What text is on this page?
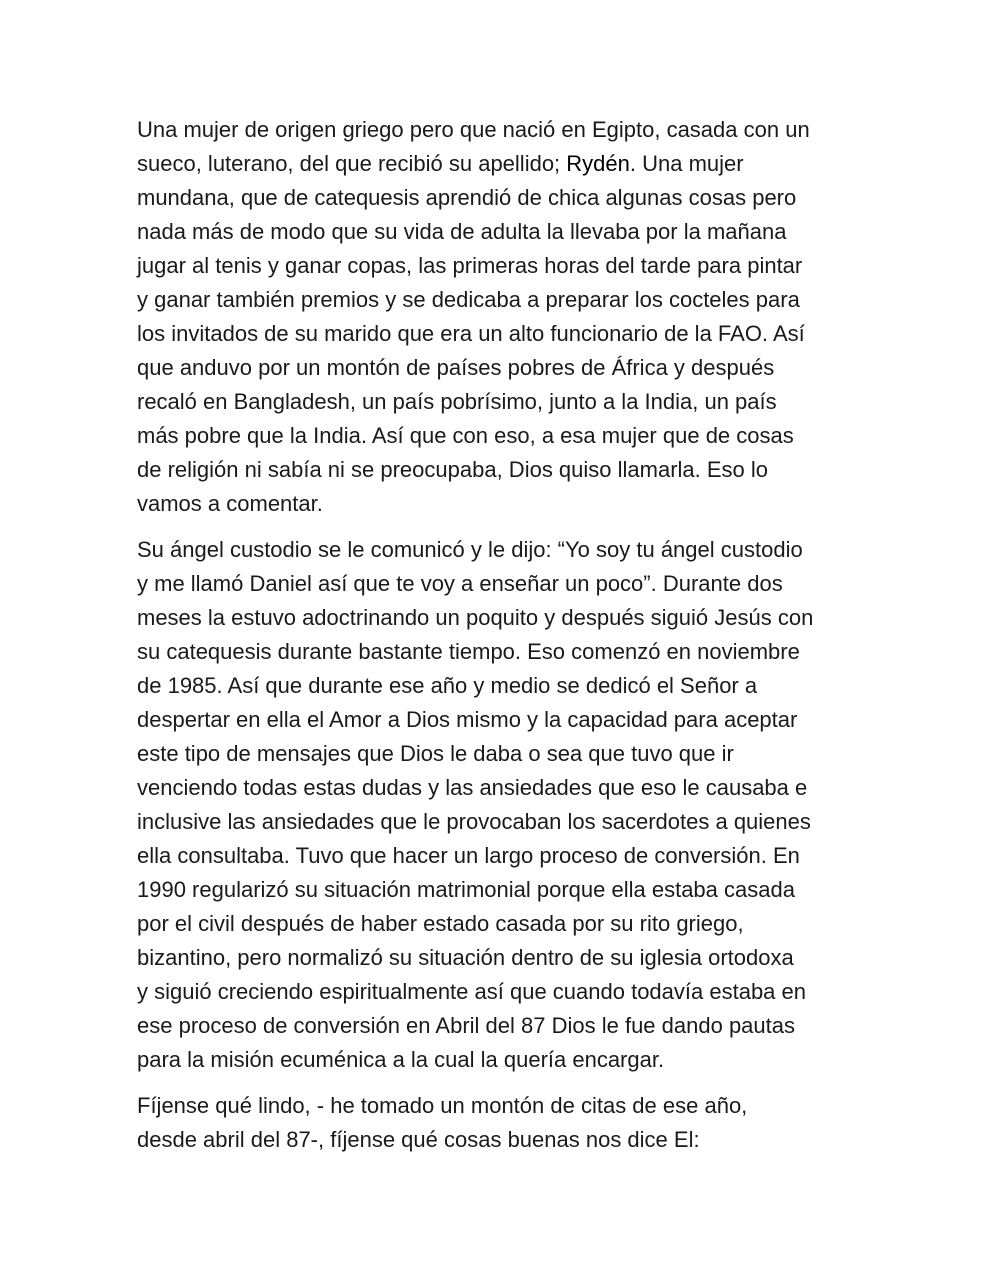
Una mujer de origen griego pero que nació en Egipto, casada con un
sueco, luterano, del que recibió su apellido; Rydén. Una mujer
mundana, que de catequesis aprendió de chica algunas cosas pero
nada más de modo que su vida de adulta la llevaba por la mañana
jugar al tenis y ganar copas, las primeras horas del tarde para pintar
y ganar también premios y se dedicaba a preparar los cocteles para
los invitados de su marido que era un alto funcionario de la FAO. Así
que anduvo por un montón de países pobres de África y después
recaló en Bangladesh, un país pobrísimo, junto a la India, un país
más pobre que la India. Así que con eso, a esa mujer que de cosas
de religión ni sabía ni se preocupaba, Dios quiso llamarla. Eso lo
vamos a comentar.

Su ángel custodio se le comunicó y le dijo: “Yo soy tu ángel custodio
y me llamó Daniel así que te voy a enseñar un poco”. Durante dos
meses la estuvo adoctrinando un poquito y después siguió Jesús con
su catequesis durante bastante tiempo. Eso comenzó en noviembre
de 1985. Así que durante ese año y medio se dedicó el Señor a
despertar en ella el Amor a Dios mismo y la capacidad para aceptar
este tipo de mensajes que Dios le daba o sea que tuvo que ir
venciendo todas estas dudas y las ansiedades que eso le causaba e
inclusive las ansiedades que le provocaban los sacerdotes a quienes
ella consultaba. Tuvo que hacer un largo proceso de conversión. En
1990 regularizó su situación matrimonial porque ella estaba casada
por el civil después de haber estado casada por su rito griego,
bizantino, pero normalizó su situación dentro de su iglesia ortodoxa
y siguió creciendo espiritualmente así que cuando todavía estaba en
ese proceso de conversión en Abril del 87 Dios le fue dando pautas
para la misión ecuménica a la cual la quería encargar.

Fíjense qué lindo, - he tomado un montón de citas de ese año,
desde abril del 87-, fíjense qué cosas buenas nos dice El:
